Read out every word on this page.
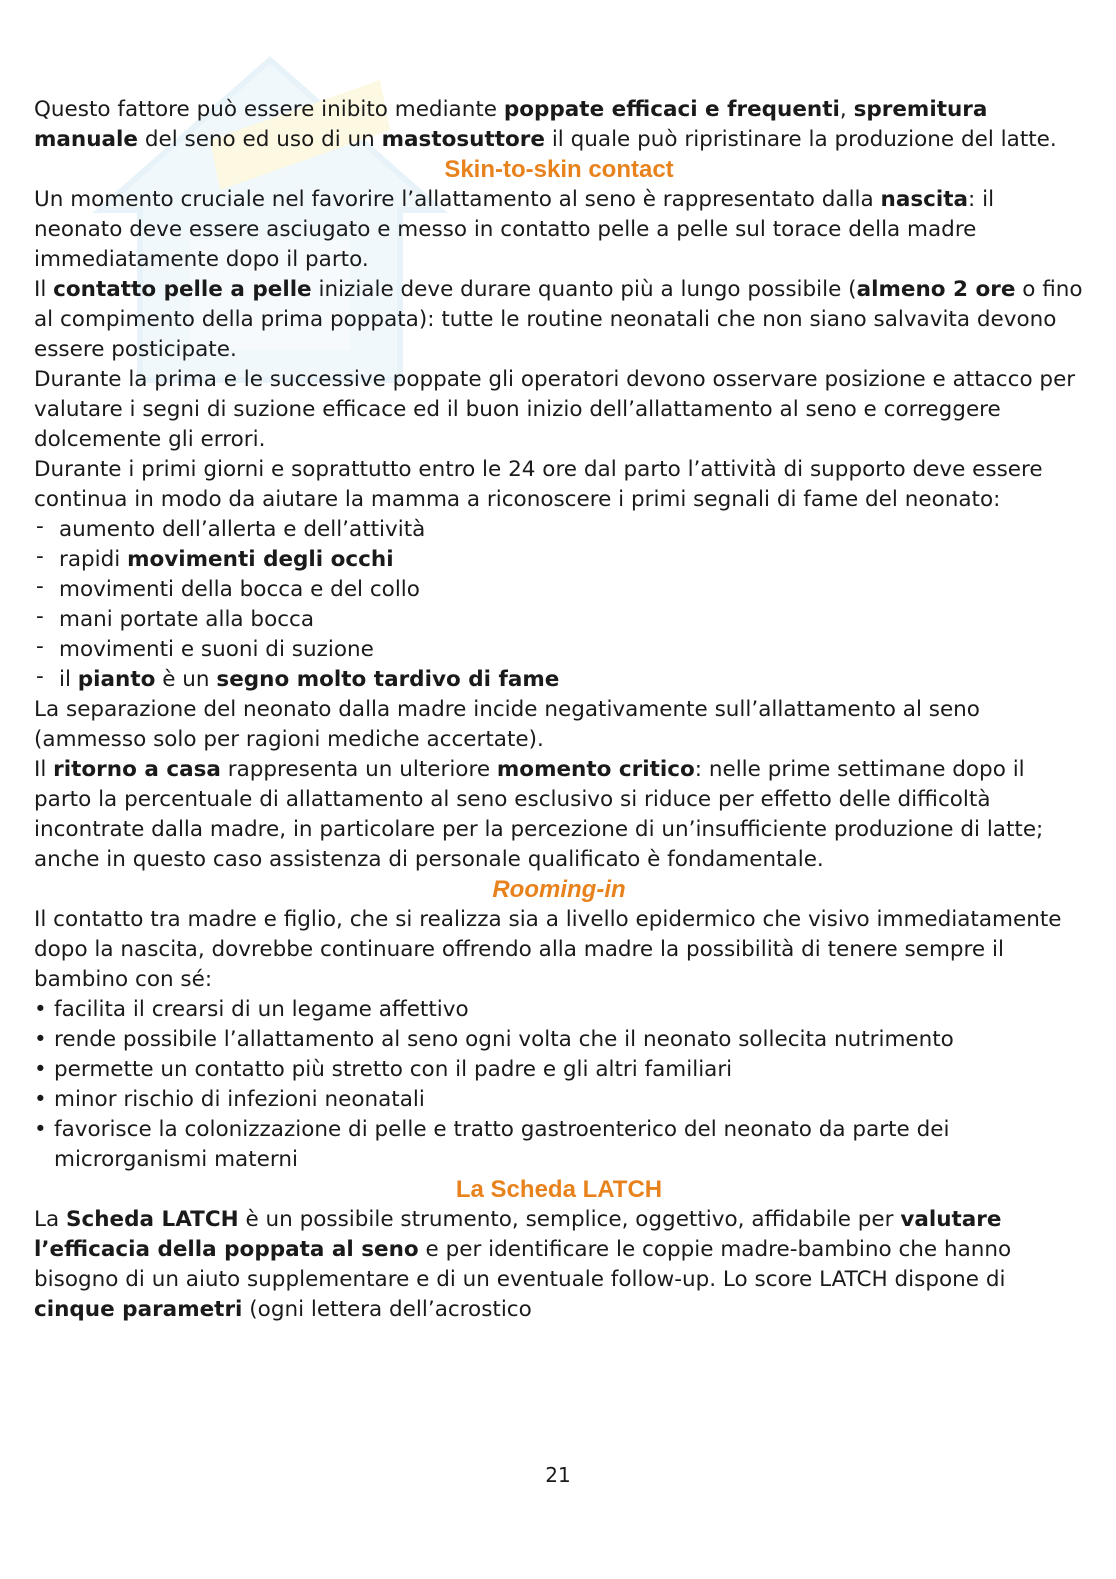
Questo fattore può essere inibito mediante poppate efficaci e frequenti, spremitura manuale del seno ed uso di un mastosuttore il quale può ripristinare la produzione del latte.

Skin-to-skin contact

Un momento cruciale nel favorire l’allattamento al seno è rappresentato dalla nascita: il neonato deve essere asciugato e messo in contatto pelle a pelle sul torace della madre immediatamente dopo il parto.

Il contatto pelle a pelle iniziale deve durare quanto più a lungo possibile (almeno 2 ore o fino al compimento della prima poppata): tutte le routine neonatali che non siano salvavita devono essere posticipate.

Durante la prima e le successive poppate gli operatori devono osservare posizione e attacco per valutare i segni di suzione efficace ed il buon inizio dell’allattamento al seno e correggere dolcemente gli errori.

Durante i primi giorni e soprattutto entro le 24 ore dal parto l’attività di supporto deve essere continua in modo da aiutare la mamma a riconoscere i primi segnali di fame del neonato:

- aumento dell’allerta e dell’attività
- rapidi movimenti degli occhi
- movimenti della bocca e del collo
- mani portate alla bocca
- movimenti e suoni di suzione
- il pianto è un segno molto tardivo di fame

La separazione del neonato dalla madre incide negativamente sull’allattamento al seno (ammesso solo per ragioni mediche accertate).

Il ritorno a casa rappresenta un ulteriore momento critico: nelle prime settimane dopo il parto la percentuale di allattamento al seno esclusivo si riduce per effetto delle difficoltà incontrate dalla madre, in particolare per la percezione di un’insufficiente produzione di latte; anche in questo caso assistenza di personale qualificato è fondamentale.

Rooming-in

Il contatto tra madre e figlio, che si realizza sia a livello epidermico che visivo immediatamente dopo la nascita, dovrebbe continuare offrendo alla madre la possibilità di tenere sempre il bambino con sé:

• facilita il crearsi di un legame affettivo
• rende possibile l’allattamento al seno ogni volta che il neonato sollecita nutrimento
• permette un contatto più stretto con il padre e gli altri familiari
• minor rischio di infezioni neonatali
• favorisce la colonizzazione di pelle e tratto gastroenterico del neonato da parte dei microrganismi materni
La Scheda LATCH

La Scheda LATCH è un possibile strumento, semplice, oggettivo, affidabile per valutare l’efficacia della poppata al seno e per identificare le coppie madre-bambino che hanno bisogno di un aiuto supplementare e di un eventuale follow-up. Lo score LATCH dispone di cinque parametri (ogni lettera dell’acrostico

21
